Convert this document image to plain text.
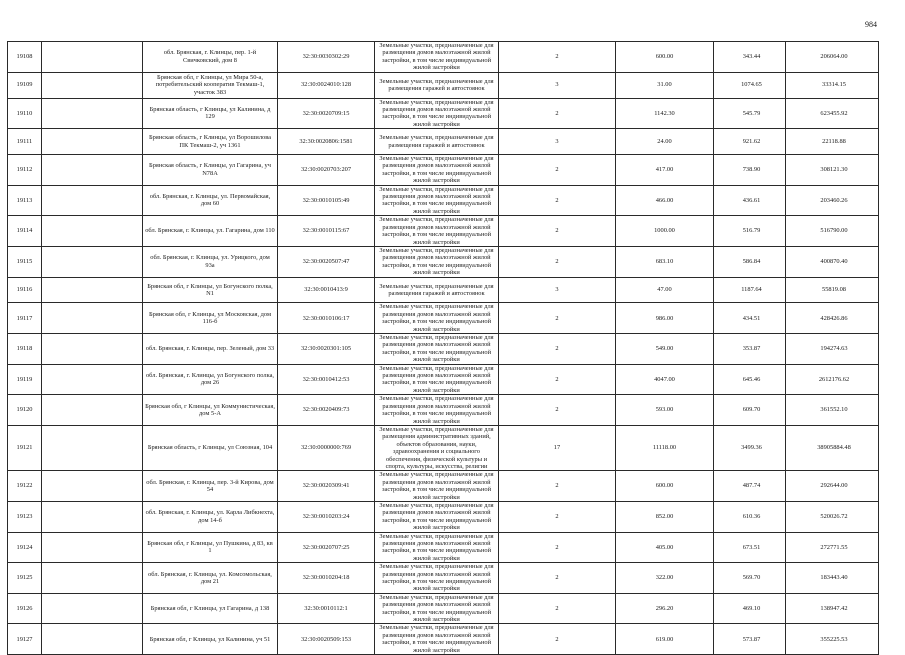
984
19108		обл. Брянская, г. Клинцы, пер. 1-й Свичковский, дом 8	32:30:0030302:29	Земельные участки, предназначенные для размещения домов малоэтажной жилой застройки, в том числе индивидуальной жилой застройки	2	600.00	343.44	206064.00
19109		Брянская обл, г Клинцы, ул Мира 50-а, потребительский кооператив Текмаш-1, участок 383	32:30:0024010:128	Земельные участки, предназначенные для размещения гаражей и автостоянок	3	31.00	1074.65	33314.15
19110		Брянская область, г Клинцы, ул Калинина, д 129	32:30:0020709:15	Земельные участки, предназначенные для размещения домов малоэтажной жилой застройки, в том числе индивидуальной жилой застройки	2	1142.30	545.79	623455.92
19111		Брянская область, г Клинцы, ул Ворошилова ПК Текмаш-2, уч 1361	32:30:0020806:1581	Земельные участки, предназначенные для размещения гаражей и автостоянок	3	24.00	921.62	22118.88
19112		Брянская область, г Клинцы, ул Гагарина, уч N78А	32:30:0020703:207	Земельные участки, предназначенные для размещения домов малоэтажной жилой застройки, в том числе индивидуальной жилой застройки	2	417.00	738.90	308121.30
19113		обл. Брянская, г. Клинцы, ул. Первомайская, дом 60	32:30:0010105:49	Земельные участки, предназначенные для размещения домов малоэтажной жилой застройки, в том числе индивидуальной жилой застройки	2	466.00	436.61	203460.26
19114		обл. Брянская, г. Клинцы, ул. Гагарина, дом 110	32:30:0010115:67	Земельные участки, предназначенные для размещения домов малоэтажной жилой застройки, в том числе индивидуальной жилой застройки	2	1000.00	516.79	516790.00
19115		обл. Брянская, г. Клинцы, ул. Урицкого, дом 93а	32:30:0020507:47	Земельные участки, предназначенные для размещения домов малоэтажной жилой застройки, в том числе индивидуальной жилой застройки	2	683.10	586.84	400870.40
19116		Брянская обл, г Клинцы, ул Богунского полка, N1	32:30:0010413:9	Земельные участки, предназначенные для размещения гаражей и автостоянок	3	47.00	1187.64	55819.08
19117		Брянская обл, г Клинцы, ул Московская, дом 116-б	32:30:0010106:17	Земельные участки, предназначенные для размещения домов малоэтажной жилой застройки, в том числе индивидуальной жилой застройки	2	986.00	434.51	428426.86
19118		обл. Брянская, г. Клинцы, пер. Зеленый, дом 33	32:30:0020301:105	Земельные участки, предназначенные для размещения домов малоэтажной жилой застройки, в том числе индивидуальной жилой застройки	2	549.00	353.87	194274.63
19119		обл. Брянская, г. Клинцы, ул Богунского полка, дом 26	32:30:0010412:53	Земельные участки, предназначенные для размещения домов малоэтажной жилой застройки, в том числе индивидуальной жилой застройки	2	4047.00	645.46	2612176.62
19120		Брянская обл, г Клинцы, ул Коммунистическая, дом 5-А	32:30:0020409:73	Земельные участки, предназначенные для размещения домов малоэтажной жилой застройки, в том числе индивидуальной жилой застройки	2	593.00	609.70	361552.10
19121		Брянская область, г Клинцы, ул Союзная, 104	32:30:0000000:769	Земельные участки, предназначенные для размещения административных зданий, объектов образования, науки, здравоохранения и социального обеспечения, физической культуры и спорта, культуры, искусства, религии	17	11118.00	3499.36	38905884.48
19122		обл. Брянская, г. Клинцы, пер. 3-й Кирова, дом 54	32:30:0020309:41	Земельные участки, предназначенные для размещения домов малоэтажной жилой застройки, в том числе индивидуальной жилой застройки	2	600.00	487.74	292644.00
19123		обл. Брянская, г. Клинцы, ул. Карла Либкнехта, дом 14-б	32:30:0010203:24	Земельные участки, предназначенные для размещения домов малоэтажной жилой застройки, в том числе индивидуальной жилой застройки	2	852.00	610.36	520026.72
19124		Брянская обл, г Клинцы, ул Пушкина, д 83, кв 1	32:30:0020707:25	Земельные участки, предназначенные для размещения домов малоэтажной жилой застройки, в том числе индивидуальной жилой застройки	2	405.00	673.51	272771.55
19125		обл. Брянская, г. Клинцы, ул. Комсомольская, дом 21	32:30:0010204:18	Земельные участки, предназначенные для размещения домов малоэтажной жилой застройки, в том числе индивидуальной жилой застройки	2	322.00	569.70	183443.40
19126		Брянская обл, г Клинцы, ул Гагарина, д 138	32:30:0010112:1	Земельные участки, предназначенные для размещения домов малоэтажной жилой застройки, в том числе индивидуальной жилой застройки	2	296.20	469.10	138947.42
19127		Брянская обл, г Клинцы, ул Калинина, уч 51	32:30:0020509:153	Земельные участки, предназначенные для размещения домов малоэтажной жилой застройки, в том числе индивидуальной жилой застройки	2	619.00	573.87	355225.53
